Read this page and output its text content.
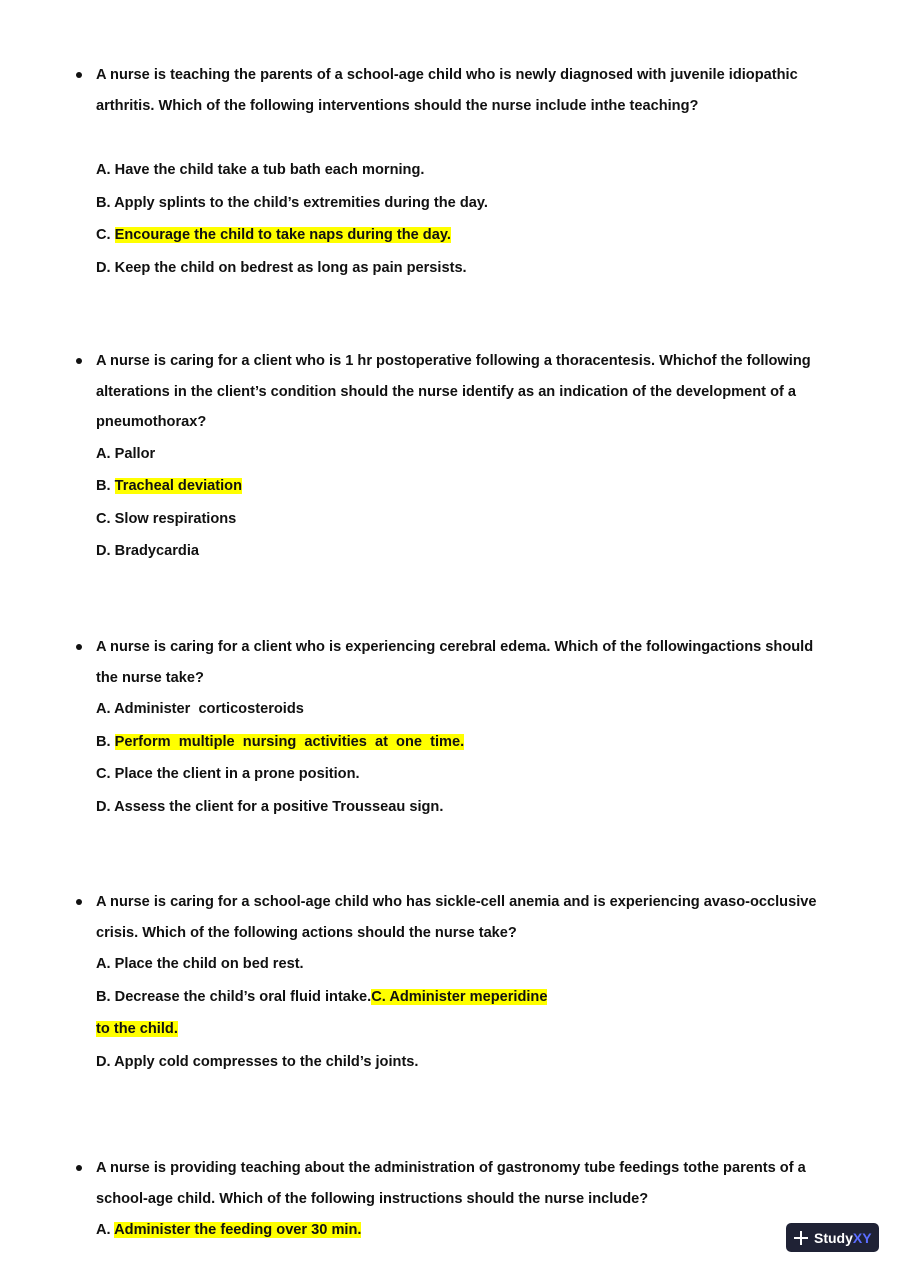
A nurse is teaching the parents of a school-age child who is newly diagnosed with juvenile idiopathic arthritis. Which of the following interventions should the nurse include inthe teaching?
A. Have the child take a tub bath each morning.
B. Apply splints to the child’s extremities during the day.
C. Encourage the child to take naps during the day.
D. Keep the child on bedrest as long as pain persists.
A nurse is caring for a client who is 1 hr postoperative following a thoracentesis. Whichof the following alterations in the client’s condition should the nurse identify as an indication of the development of a pneumothorax?
A. Pallor
B. Tracheal deviation
C. Slow respirations
D. Bradycardia
A nurse is caring for a client who is experiencing cerebral edema. Which of the followingactions should the nurse take?
A. Administer  corticosteroids
B. Perform  multiple  nursing  activities  at  one  time.
C. Place the client in a prone position.
D. Assess the client for a positive Trousseau sign.
A nurse is caring for a school-age child who has sickle-cell anemia and is experiencing avaso-occlusive crisis. Which of the following actions should the nurse take?
A. Place the child on bed rest.
B. Decrease the child’s oral fluid intake.C. Administer meperidine
to the child.
D. Apply cold compresses to the child’s joints.
A nurse is providing teaching about the administration of gastronomy tube feedings tothe parents of a school-age child. Which of the following instructions should the nurse include?
A. Administer the feeding over 30 min.	Study XY
